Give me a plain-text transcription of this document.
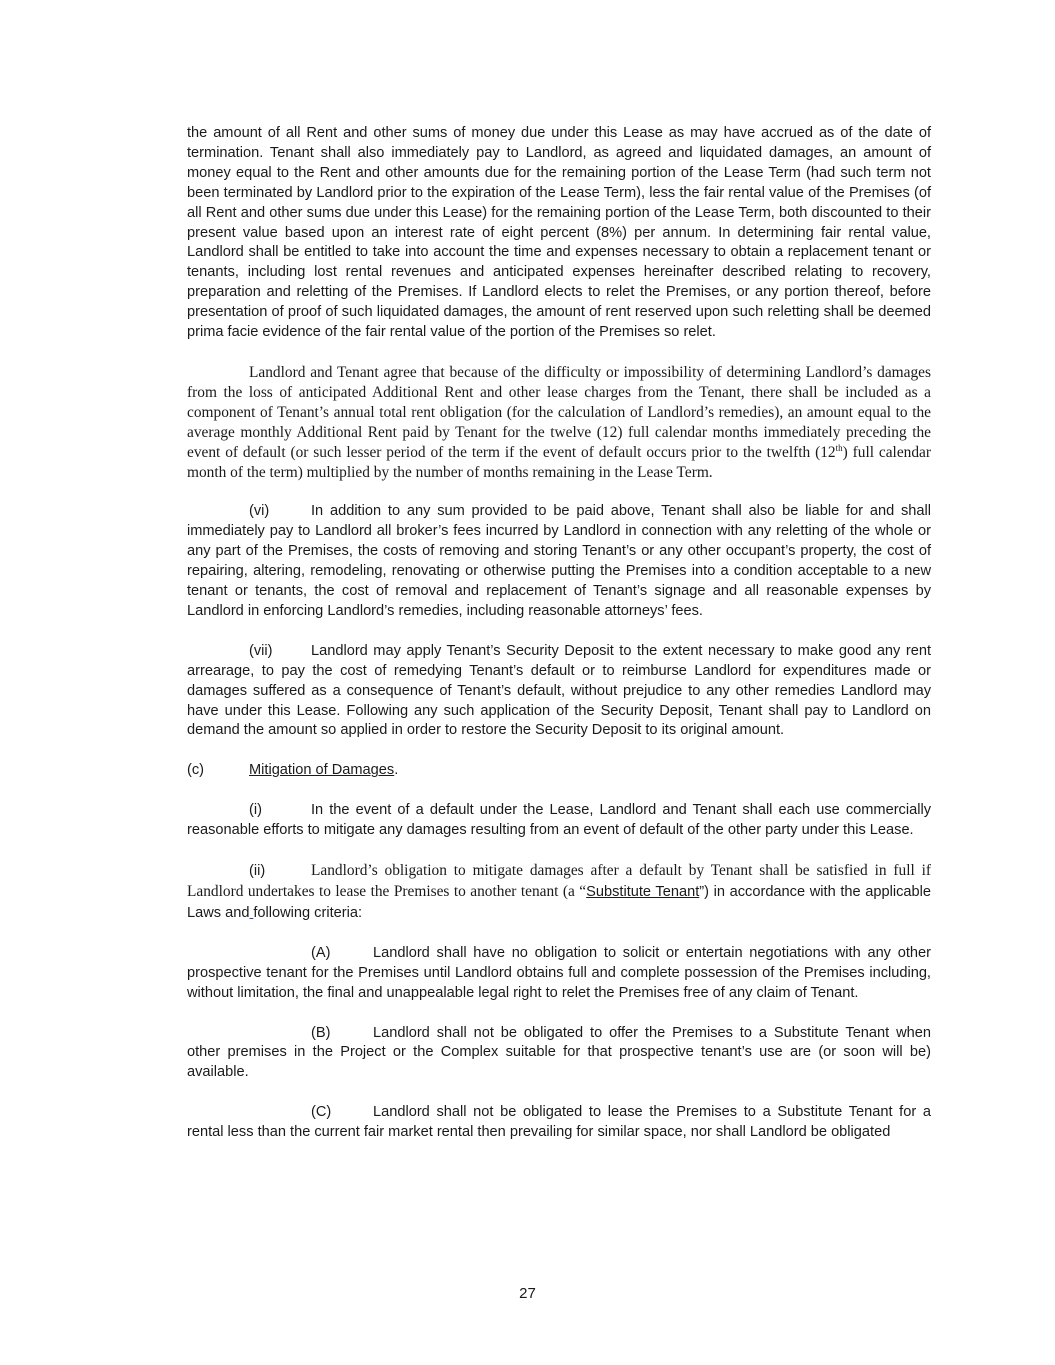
the amount of all Rent and other sums of money due under this Lease as may have accrued as of the date of termination. Tenant shall also immediately pay to Landlord, as agreed and liquidated damages, an amount of money equal to the Rent and other amounts due for the remaining portion of the Lease Term (had such term not been terminated by Landlord prior to the expiration of the Lease Term), less the fair rental value of the Premises (of all Rent and other sums due under this Lease) for the remaining portion of the Lease Term, both discounted to their present value based upon an interest rate of eight percent (8%) per annum. In determining fair rental value, Landlord shall be entitled to take into account the time and expenses necessary to obtain a replacement tenant or tenants, including lost rental revenues and anticipated expenses hereinafter described relating to recovery, preparation and reletting of the Premises. If Landlord elects to relet the Premises, or any portion thereof, before presentation of proof of such liquidated damages, the amount of rent reserved upon such reletting shall be deemed prima facie evidence of the fair rental value of the portion of the Premises so relet.

Landlord and Tenant agree that because of the difficulty or impossibility of determining Landlord’s damages from the loss of anticipated Additional Rent and other lease charges from the Tenant, there shall be included as a component of Tenant’s annual total rent obligation (for the calculation of Landlord’s remedies), an amount equal to the average monthly Additional Rent paid by Tenant for the twelve (12) full calendar months immediately preceding the event of default (or such lesser period of the term if the event of default occurs prior to the twelfth (12th) full calendar month of the term) multiplied by the number of months remaining in the Lease Term.

(vi)	In addition to any sum provided to be paid above, Tenant shall also be liable for and shall immediately pay to Landlord all broker’s fees incurred by Landlord in connection with any reletting of the whole or any part of the Premises, the costs of removing and storing Tenant’s or any other occupant’s property, the cost of repairing, altering, remodeling, renovating or otherwise putting the Premises into a condition acceptable to a new tenant or tenants, the cost of removal and replacement of Tenant’s signage and all reasonable expenses by Landlord in enforcing Landlord’s remedies, including reasonable attorneys’ fees.

(vii)	Landlord may apply Tenant’s Security Deposit to the extent necessary to make good any rent arrearage, to pay the cost of remedying Tenant’s default or to reimburse Landlord for expenditures made or damages suffered as a consequence of Tenant’s default, without prejudice to any other remedies Landlord may have under this Lease. Following any such application of the Security Deposit, Tenant shall pay to Landlord on demand the amount so applied in order to restore the Security Deposit to its original amount.

(c)	Mitigation of Damages.

(i)	In the event of a default under the Lease, Landlord and Tenant shall each use commercially reasonable efforts to mitigate any damages resulting from an event of default of the other party under this Lease.

(ii)	Landlord’s obligation to mitigate damages after a default by Tenant shall be satisfied in full if Landlord undertakes to lease the Premises to another tenant (a “Substitute Tenant”) in accordance with the applicable Laws and following criteria:

(A)	Landlord shall have no obligation to solicit or entertain negotiations with any other prospective tenant for the Premises until Landlord obtains full and complete possession of the Premises including, without limitation, the final and unappealable legal right to relet the Premises free of any claim of Tenant.

(B)	Landlord shall not be obligated to offer the Premises to a Substitute Tenant when other premises in the Project or the Complex suitable for that prospective tenant’s use are (or soon will be) available.

(C)	Landlord shall not be obligated to lease the Premises to a Substitute Tenant for a rental less than the current fair market rental then prevailing for similar space, nor shall Landlord be obligated

27
